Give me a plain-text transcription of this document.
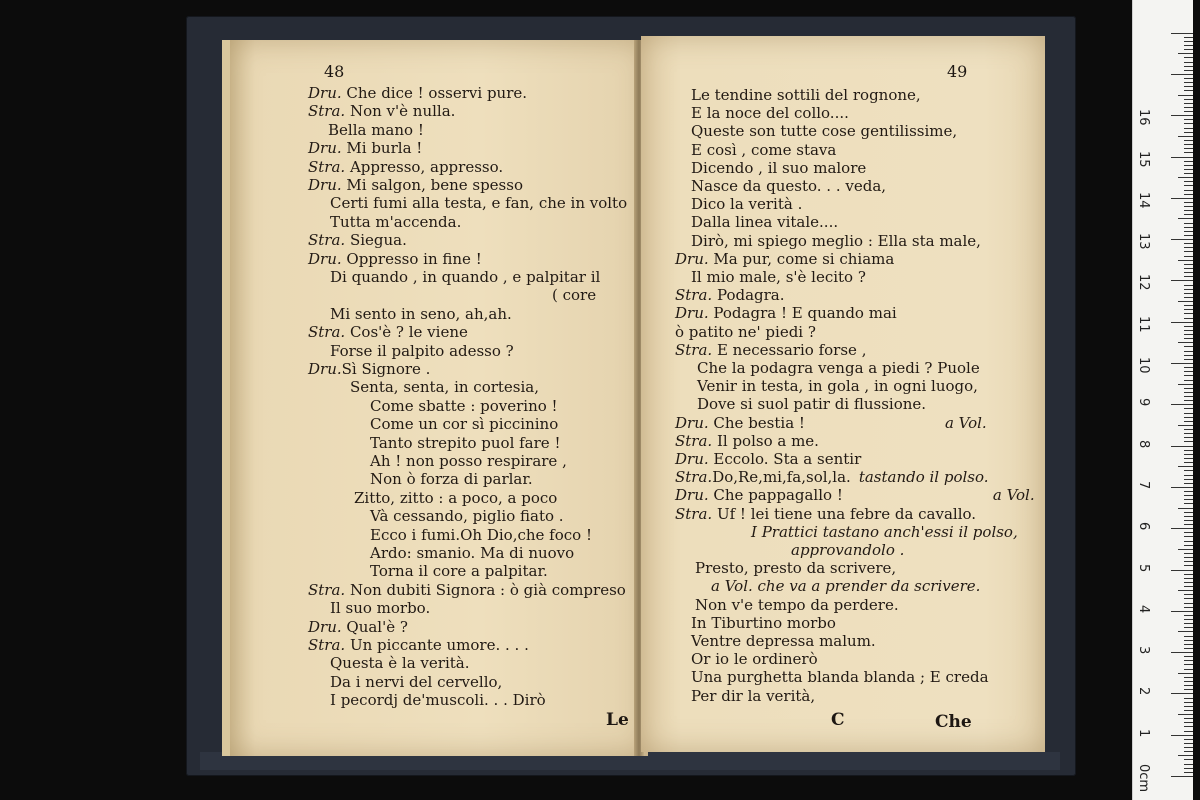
48
Dru. Che dice ! osservi pure.
Stra. Non v'è nulla.
Bella mano !
Dru. Mi burla !
Stra. Appresso, appresso.
Dru. Mi salgon, bene spesso
Certi fumi alla testa, e fan, che in volto
Tutta m'accenda.
Stra. Siegua.
Dru. Oppresso in fine !
Di quando , in quando , e palpitar il
( core
Mi sento in seno, ah,ah.
Stra. Cos'è ? le viene
Forse il palpito adesso ?
Dru.Sì Signore .
Senta, senta, in cortesia,
Come sbatte : poverino !
Come un cor sì piccinino
Tanto strepito puol fare !
Ah ! non posso respirare ,
Non ò forza di parlar.
Zitto, zitto : a poco, a poco
Và cessando, piglio fiato .
Ecco i fumi.Oh Dio,che foco !
Ardo: smanio. Ma di nuovo
Torna il core a palpitar.
Stra. Non dubiti Signora : ò già compreso
Il suo morbo.
Dru. Qual'è ?
Stra. Un piccante umore. . . .
Questa è la verità.
Da i nervi del cervello,
I pecordj de'muscoli. . . Dirò
Le
49
Le tendine sottili del rognone,
E la noce del collo....
Queste son tutte cose gentilissime,
E così , come stava
Dicendo , il suo malore
Nasce da questo. . . veda,
Dico la verità .
Dalla linea vitale....
Dirò, mi spiego meglio : Ella sta male,
Dru. Ma pur, come si chiama
Il mio male, s'è lecito ?
Stra. Podagra.
Dru. Podagra ! E quando mai
ò patito ne' piedi ?
Stra. E necessario forse ,
Che la podagra venga a piedi ? Puole
Venir in testa, in gola , in ogni luogo,
Dove si suol patir di flussione.
Dru. Che bestia !	a Vol.
Stra. Il polso a me.
Dru. Eccolo. Sta a sentir
Stra.Do,Re,mi,fa,sol,la. tastando il polso.
Dru. Che pappagallo !	a Vol.
Stra. Uf ! lei tiene una febre da cavallo.
I Prattici tastano anch'essi il polso,
approvandolo .
Presto, presto da scrivere,
a Vol. che va a prender da scrivere.
Non v'e tempo da perdere.
In Tiburtino morbo
Ventre depressa malum.
Or io le ordinerò
Una purghetta blanda blanda ; E creda
Per dir la verità,
C	Che
0cm
1
2
3
4
5
6
7
8
9
10
11
12
13
14
15
16
